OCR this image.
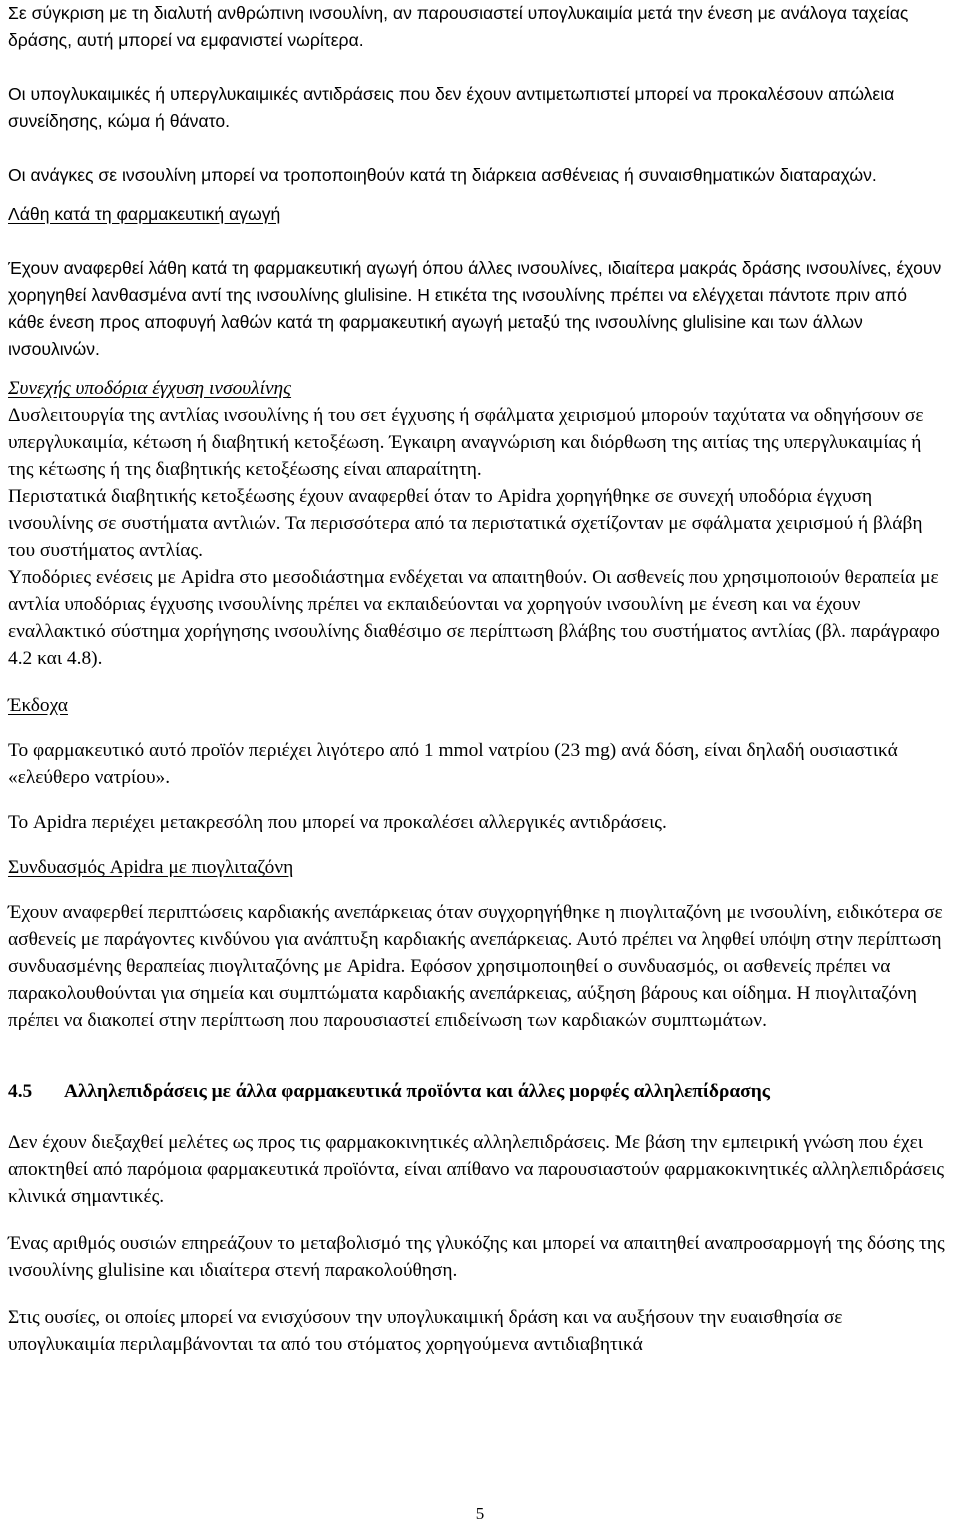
Σε σύγκριση με τη διαλυτή ανθρώπινη ινσουλίνη, αν παρουσιαστεί υπογλυκαιμία μετά την ένεση με ανάλογα ταχείας δράσης, αυτή μπορεί να εμφανιστεί νωρίτερα.

Οι υπογλυκαιμικές ή υπεργλυκαιμικές αντιδράσεις που δεν έχουν αντιμετωπιστεί μπορεί να προκαλέσουν απώλεια συνείδησης, κώμα ή θάνατο.

Οι ανάγκες σε ινσουλίνη μπορεί να τροποποιηθούν κατά τη διάρκεια ασθένειας ή συναισθηματικών διαταραχών.

Λάθη κατά τη φαρμακευτική αγωγή

Έχουν αναφερθεί λάθη κατά τη φαρμακευτική αγωγή όπου άλλες ινσουλίνες, ιδιαίτερα μακράς δράσης ινσουλίνες, έχουν χορηγηθεί λανθασμένα αντί της ινσουλίνης glulisine. Η ετικέτα της ινσουλίνης πρέπει να ελέγχεται πάντοτε πριν από κάθε ένεση προς αποφυγή λαθών κατά τη φαρμακευτική αγωγή μεταξύ της ινσουλίνης glulisine και των άλλων ινσουλινών.

Συνεχής υποδόρια έγχυση ινσουλίνης

Δυσλειτουργία της αντλίας ινσουλίνης ή του σετ έγχυσης ή σφάλματα χειρισμού μπορούν ταχύτατα να οδηγήσουν σε υπεργλυκαιμία, κέτωση ή διαβητική κετοξέωση. Έγκαιρη αναγνώριση και διόρθωση της αιτίας της υπεργλυκαιμίας ή της κέτωσης ή της διαβητικής κετοξέωσης είναι απαραίτητη.

Περιστατικά διαβητικής κετοξέωσης έχουν αναφερθεί όταν το Apidra χορηγήθηκε σε συνεχή υποδόρια έγχυση ινσουλίνης σε συστήματα αντλιών. Τα περισσότερα από τα περιστατικά σχετίζονταν με σφάλματα χειρισμού ή βλάβη του συστήματος αντλίας.

Υποδόριες ενέσεις με Apidra στο μεσοδιάστημα ενδέχεται να απαιτηθούν. Οι ασθενείς που χρησιμοποιούν θεραπεία με αντλία υποδόριας έγχυσης ινσουλίνης πρέπει να εκπαιδεύονται να χορηγούν ινσουλίνη με ένεση και να έχουν εναλλακτικό σύστημα χορήγησης ινσουλίνης διαθέσιμο σε περίπτωση βλάβης του συστήματος αντλίας (βλ. παράγραφο 4.2 και 4.8).

Έκδοχα

Το φαρμακευτικό αυτό προϊόν περιέχει λιγότερο από 1 mmol νατρίου (23 mg) ανά δόση, είναι δηλαδή ουσιαστικά «ελεύθερο νατρίου».

Το Apidra περιέχει μετακρεσόλη που μπορεί να προκαλέσει αλλεργικές αντιδράσεις.

Συνδυασμός Apidra με πιογλιταζόνη

Έχουν αναφερθεί περιπτώσεις καρδιακής ανεπάρκειας όταν συγχορηγήθηκε η πιογλιταζόνη με ινσουλίνη, ειδικότερα σε ασθενείς με παράγοντες κινδύνου για ανάπτυξη καρδιακής ανεπάρκειας. Αυτό πρέπει να ληφθεί υπόψη στην περίπτωση συνδυασμένης θεραπείας πιογλιταζόνης με Apidra. Εφόσον χρησιμοποιηθεί ο συνδυασμός, οι ασθενείς πρέπει να παρακολουθούνται για σημεία και συμπτώματα καρδιακής ανεπάρκειας, αύξηση βάρους και οίδημα. Η πιογλιταζόνη πρέπει να διακοπεί στην περίπτωση που παρουσιαστεί επιδείνωση των καρδιακών συμπτωμάτων.

4.5	Αλληλεπιδράσεις με άλλα φαρμακευτικά προϊόντα και άλλες μορφές αλληλεπίδρασης

Δεν έχουν διεξαχθεί μελέτες ως προς τις φαρμακοκινητικές αλληλεπιδράσεις. Με βάση την εμπειρική γνώση που έχει αποκτηθεί από παρόμοια φαρμακευτικά προϊόντα, είναι απίθανο να παρουσιαστούν φαρμακοκινητικές αλληλεπιδράσεις κλινικά σημαντικές.

Ένας αριθμός ουσιών επηρεάζουν το μεταβολισμό της γλυκόζης και μπορεί να απαιτηθεί αναπροσαρμογή της δόσης της ινσουλίνης glulisine και ιδιαίτερα στενή παρακολούθηση.

Στις ουσίες, οι οποίες μπορεί να ενισχύσουν την υπογλυκαιμική δράση και να αυξήσουν την ευαισθησία σε υπογλυκαιμία περιλαμβάνονται τα από του στόματος χορηγούμενα αντιδιαβητικά

5
